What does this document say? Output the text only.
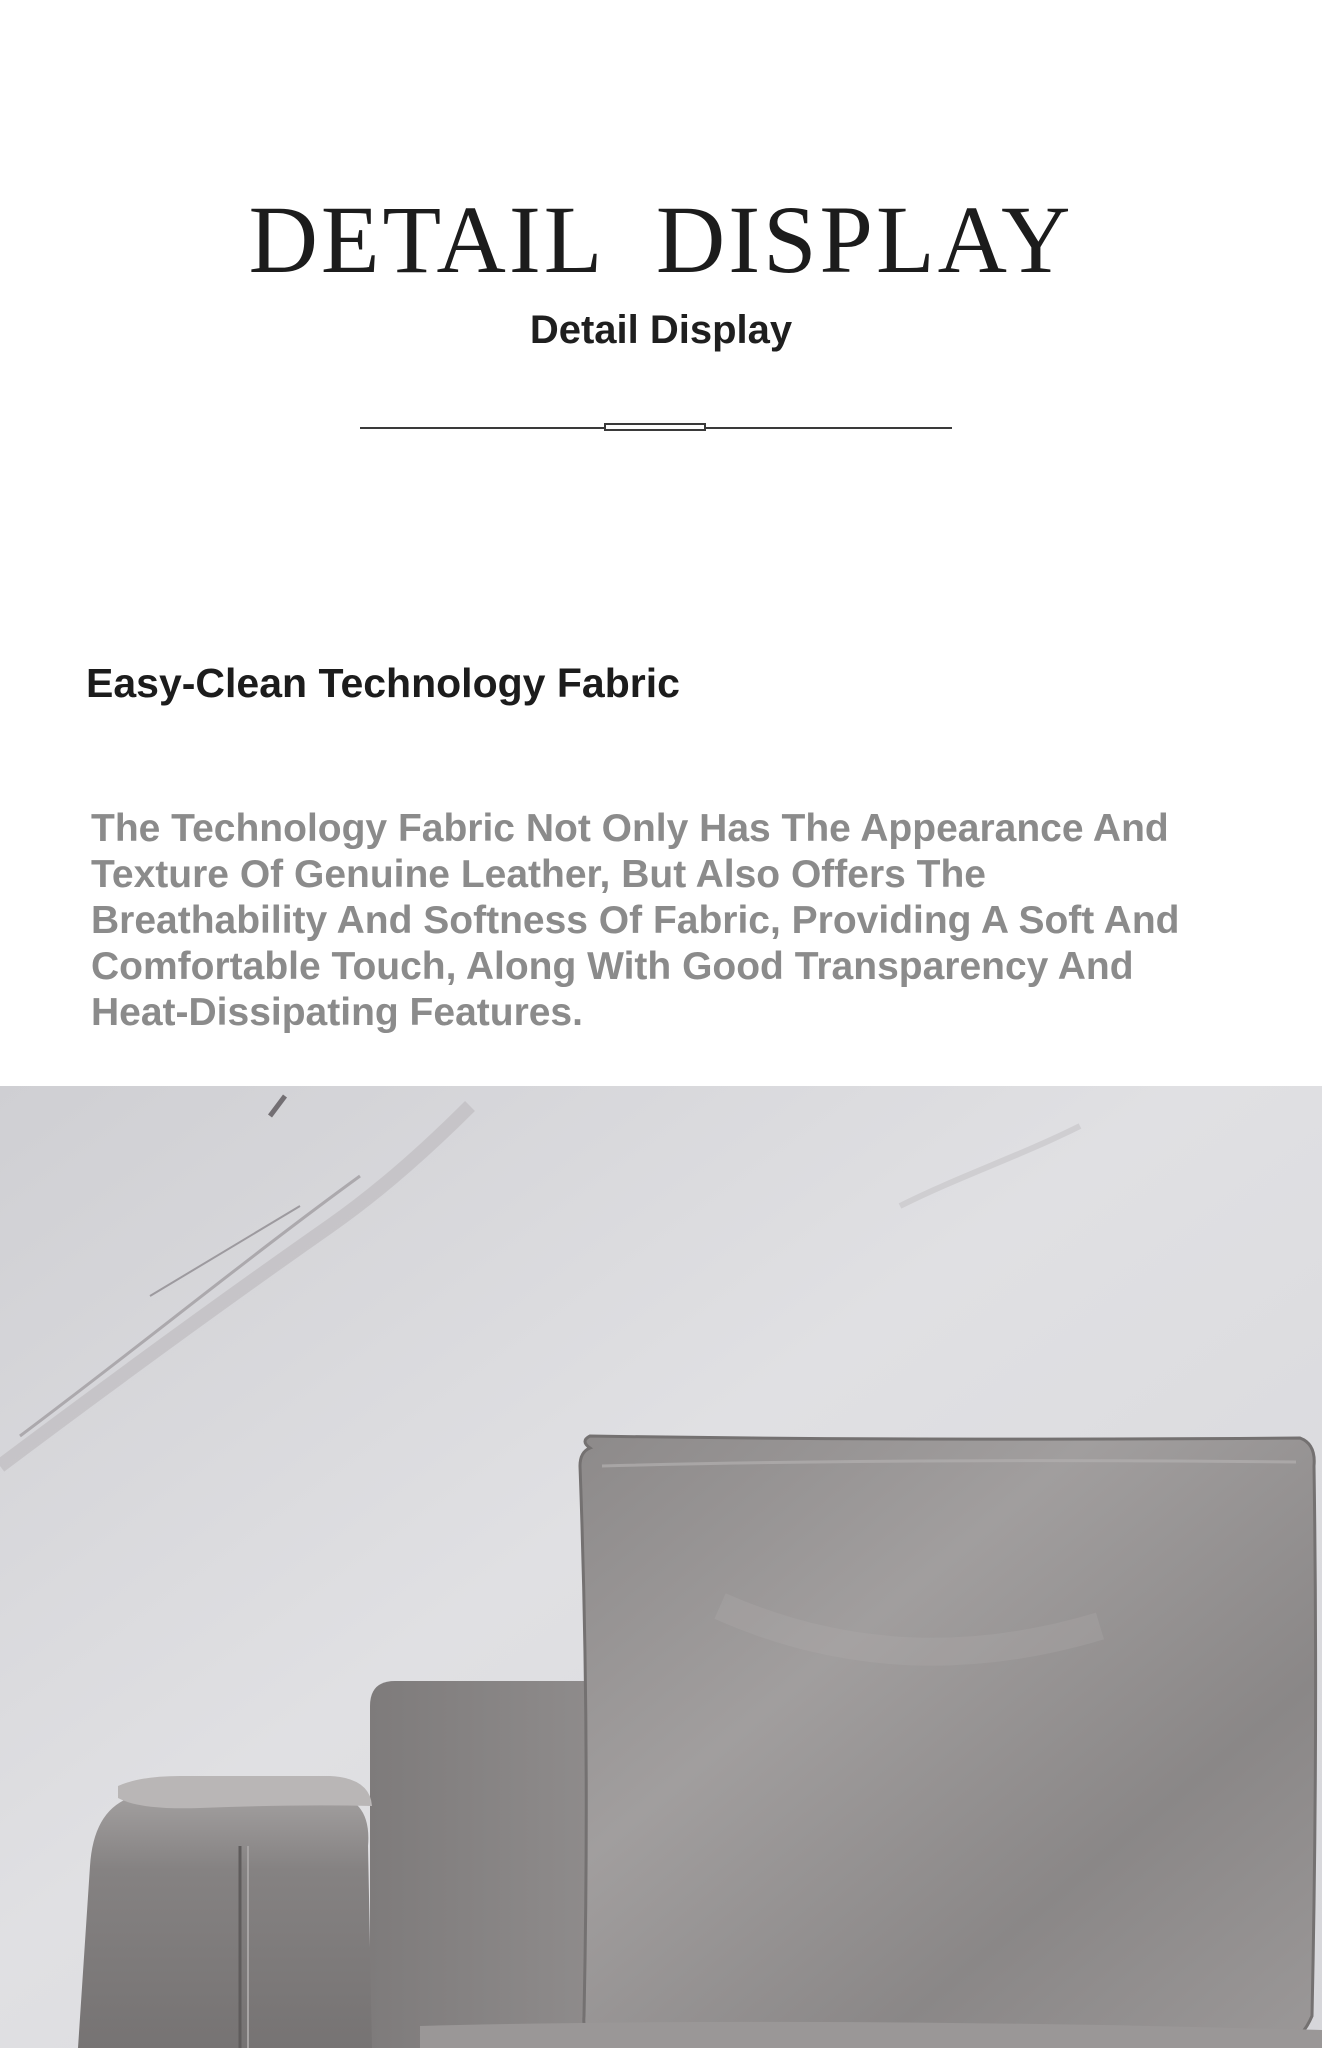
DETAIL  DISPLAY
Detail Display
Easy-Clean Technology Fabric
The Technology Fabric Not Only Has The Appearance And Texture Of Genuine Leather, But Also Offers The Breathability And Softness Of Fabric, Providing A Soft And Comfortable Touch, Along With Good Transparency And Heat-Dissipating Features.
